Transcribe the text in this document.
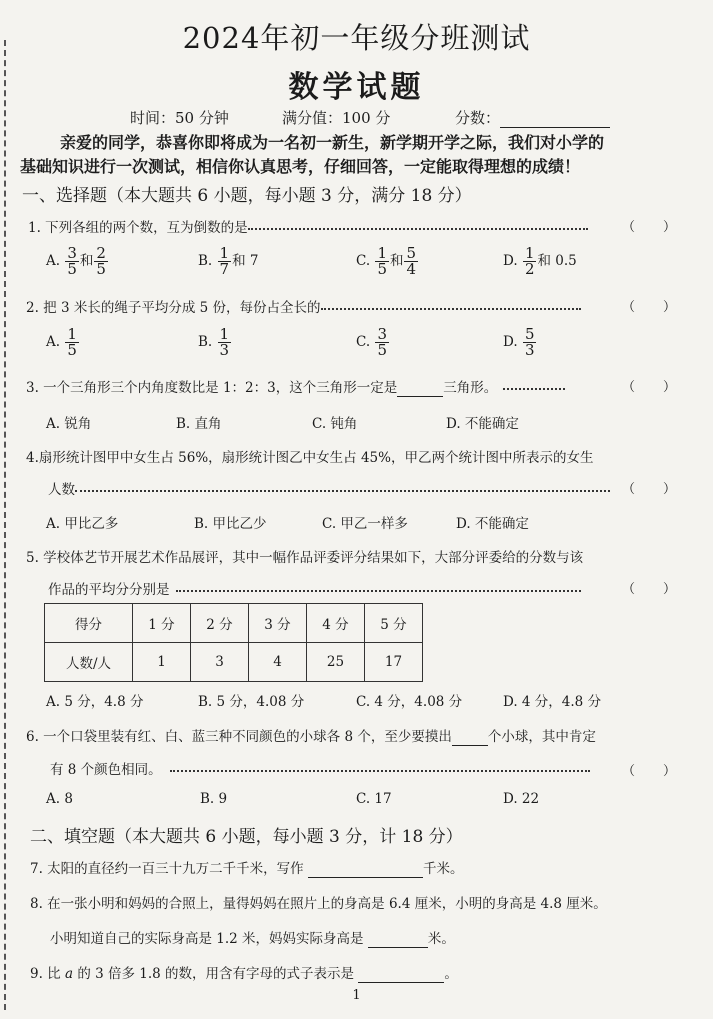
2024年初一年级分班测试
数学试题
时间：50 分钟	满分值：100 分	分数：
亲爱的同学，恭喜你即将成为一名初一新生，新学期开学之际，我们对小学的
基础知识进行一次测试，相信你认真思考，仔细回答，一定能取得理想的成绩！
一、选择题（本大题共 6 小题，每小题 3 分，满分 18 分）
1. 下列各组的两个数，互为倒数的是	（ ）
A. $\frac{3}{5}$ 和 $\frac{2}{5}$	B. $\frac{1}{7}$ 和 7	C. $\frac{1}{5}$ 和 $\frac{5}{4}$	D. $\frac{1}{2}$ 和 0.5
2. 把 3 米长的绳子平均分成 5 份，每份占全长的	（ ）
A. $\frac{1}{5}$	B. $\frac{1}{3}$	C. $\frac{3}{5}$	D. $\frac{5}{3}$
3. 一个三角形三个内角度数比是 1：2：3，这个三角形一定是	三角形。	（ ）
A. 锐角	B. 直角	C. 钝角	D. 不能确定
4.扇形统计图甲中女生占 56%，扇形统计图乙中女生占 45%，甲乙两个统计图中所表示的女生
人数	（ ）
A. 甲比乙多	B. 甲比乙少	C. 甲乙一样多	D. 不能确定
5. 学校体艺节开展艺术作品展评，其中一幅作品评委评分结果如下，大部分评委给的分数与该
作品的平均分分别是	（ ）
得分	1 分	2 分	3 分	4 分	5 分
人数/人	1	3	4	25	17
A. 5 分，4.8 分	B. 5 分，4.08 分	C. 4 分，4.08 分	D. 4 分，4.8 分
6. 一个口袋里装有红、白、蓝三种不同颜色的小球各 8 个，至少要摸出	个小球，其中肯定
有 8 个颜色相同。	（ ）
A. 8	B. 9	C. 17	D. 22
二、填空题（本大题共 6 小题，每小题 3 分，计 18 分）
7. 太阳的直径约一百三十九万二千千米，写作	千米。
8. 在一张小明和妈妈的合照上，量得妈妈在照片上的身高是 6.4 厘米，小明的身高是 4.8 厘米。
小明知道自己的实际身高是 1.2 米，妈妈实际身高是	米。
9. 比 a 的 3 倍多 1.8 的数，用含有字母的式子表示是	。
1
